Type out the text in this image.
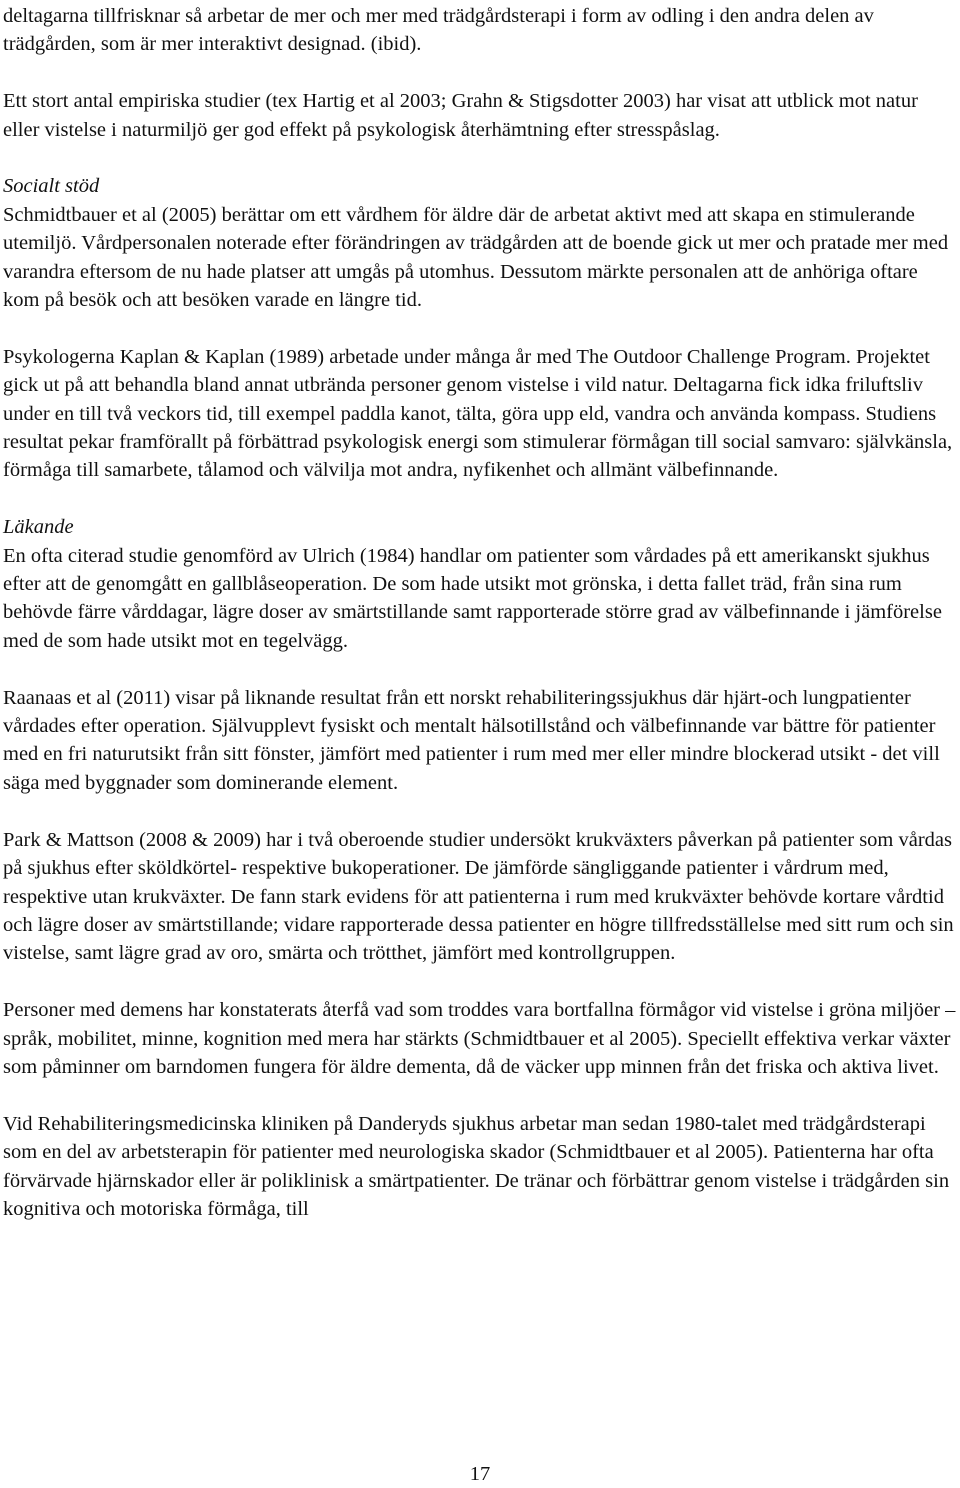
deltagarna tillfrisknar så arbetar de mer och mer med trädgårdsterapi i form av odling i den andra delen av trädgården, som är mer interaktivt designad. (ibid).

Ett stort antal empiriska studier (tex Hartig et al 2003; Grahn & Stigsdotter 2003) har visat att utblick mot natur eller vistelse i naturmiljö ger god effekt på psykologisk återhämtning efter stresspåslag.

Socialt stöd
Schmidtbauer et al (2005) berättar om ett vårdhem för äldre där de arbetat aktivt med att skapa en stimulerande utemiljö. Vårdpersonalen noterade efter förändringen av trädgården att de boende gick ut mer och pratade mer med varandra eftersom de nu hade platser att umgås på utomhus. Dessutom märkte personalen att de anhöriga oftare kom på besök och att besöken varade en längre tid.

Psykologerna Kaplan & Kaplan (1989) arbetade under många år med The Outdoor Challenge Program. Projektet gick ut på att behandla bland annat utbrända personer genom vistelse i vild natur. Deltagarna fick idka friluftsliv under en till två veckors tid, till exempel paddla kanot, tälta, göra upp eld, vandra och använda kompass. Studiens resultat pekar framförallt på förbättrad psykologisk energi som stimulerar förmågan till social samvaro: självkänsla, förmåga till samarbete, tålamod och välvilja mot andra, nyfikenhet och allmänt välbefinnande.

Läkande
En ofta citerad studie genomförd av Ulrich (1984) handlar om patienter som vårdades på ett amerikanskt sjukhus efter att de genomgått en gallblåseoperation. De som hade utsikt mot grönska, i detta fallet träd, från sina rum behövde färre vårddagar, lägre doser av smärtstillande samt rapporterade större grad av välbefinnande i jämförelse med de som hade utsikt mot en tegelvägg.

Raanaas et al (2011) visar på liknande resultat från ett norskt rehabiliteringssjukhus där hjärt-och lungpatienter vårdades efter operation. Självupplevt fysiskt och mentalt hälsotillstånd och välbefinnande var bättre för patienter med en fri naturutsikt från sitt fönster, jämfört med patienter i rum med mer eller mindre blockerad utsikt - det vill säga med byggnader som dominerande element.

Park & Mattson (2008 & 2009) har i två oberoende studier undersökt krukväxters påverkan på patienter som vårdas på sjukhus efter sköldkörtel- respektive bukoperationer. De jämförde sängliggande patienter i vårdrum med, respektive utan krukväxter. De fann stark evidens för att patienterna i rum med krukväxter behövde kortare vårdtid och lägre doser av smärtstillande; vidare rapporterade dessa patienter en högre tillfredsställelse med sitt rum och sin vistelse, samt lägre grad av oro, smärta och trötthet, jämfört med kontrollgruppen.

Personer med demens har konstaterats återfå vad som troddes vara bortfallna förmågor vid vistelse i gröna miljöer – språk, mobilitet, minne, kognition med mera har stärkts (Schmidtbauer et al 2005). Speciellt effektiva verkar växter som påminner om barndomen fungera för äldre dementa, då de väcker upp minnen från det friska och aktiva livet.

Vid Rehabiliteringsmedicinska kliniken på Danderyds sjukhus arbetar man sedan 1980-talet med trädgårdsterapi som en del av arbetsterapin för patienter med neurologiska skador (Schmidtbauer et al 2005). Patienterna har ofta förvärvade hjärnskador eller är poliklinisk a smärtpatienter. De tränar och förbättrar genom vistelse i trädgården sin kognitiva och motoriska förmåga, till

17
